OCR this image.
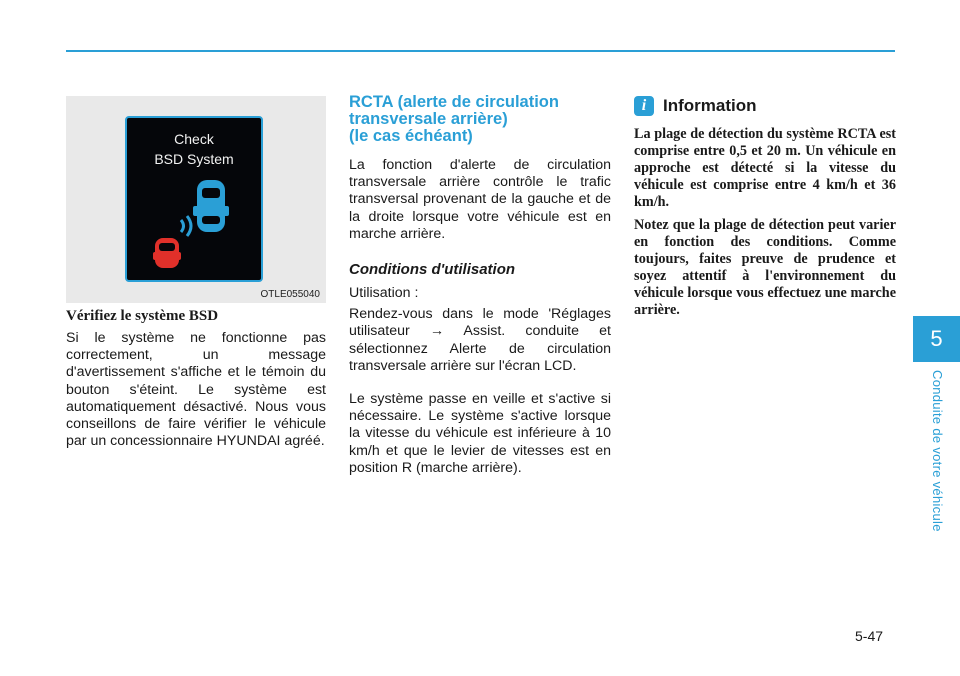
Check
BSD System
OTLE055040
Vérifiez le système BSD

Si le système ne fonctionne pas correctement, un message d'avertissement s'affiche et le témoin du bouton s'éteint. Le système est automatiquement désactivé. Nous vous conseillons de faire vérifier le véhicule par un concessionnaire HYUNDAI agréé.

RCTA (alerte de circulation
transversale arrière)
(le cas échéant)

La fonction d'alerte de circulation transversale arrière contrôle le trafic transversal provenant de la gauche et de la droite lorsque votre véhicule est en marche arrière.

Conditions d'utilisation

Utilisation :

Rendez-vous dans le mode 'Réglages utilisateur → Assist. conduite et sélectionnez Alerte de circulation transversale arrière sur l'écran LCD.

Le système passe en veille et s'active si nécessaire. Le système s'active lorsque la vitesse du véhicule est inférieure à 10 km/h et que le levier de vitesses est en position R (marche arrière).

i Information

La plage de détection du système RCTA est comprise entre 0,5 et 20 m. Un véhicule en approche est détecté si la vitesse du véhicule est comprise entre 4 km/h et 36 km/h.

Notez que la plage de détection peut varier en fonction des conditions. Comme toujours, faites preuve de prudence et soyez attentif à l'environnement du véhicule lorsque vous effectuez une marche arrière.

5
Conduite de votre véhicule
5-47
